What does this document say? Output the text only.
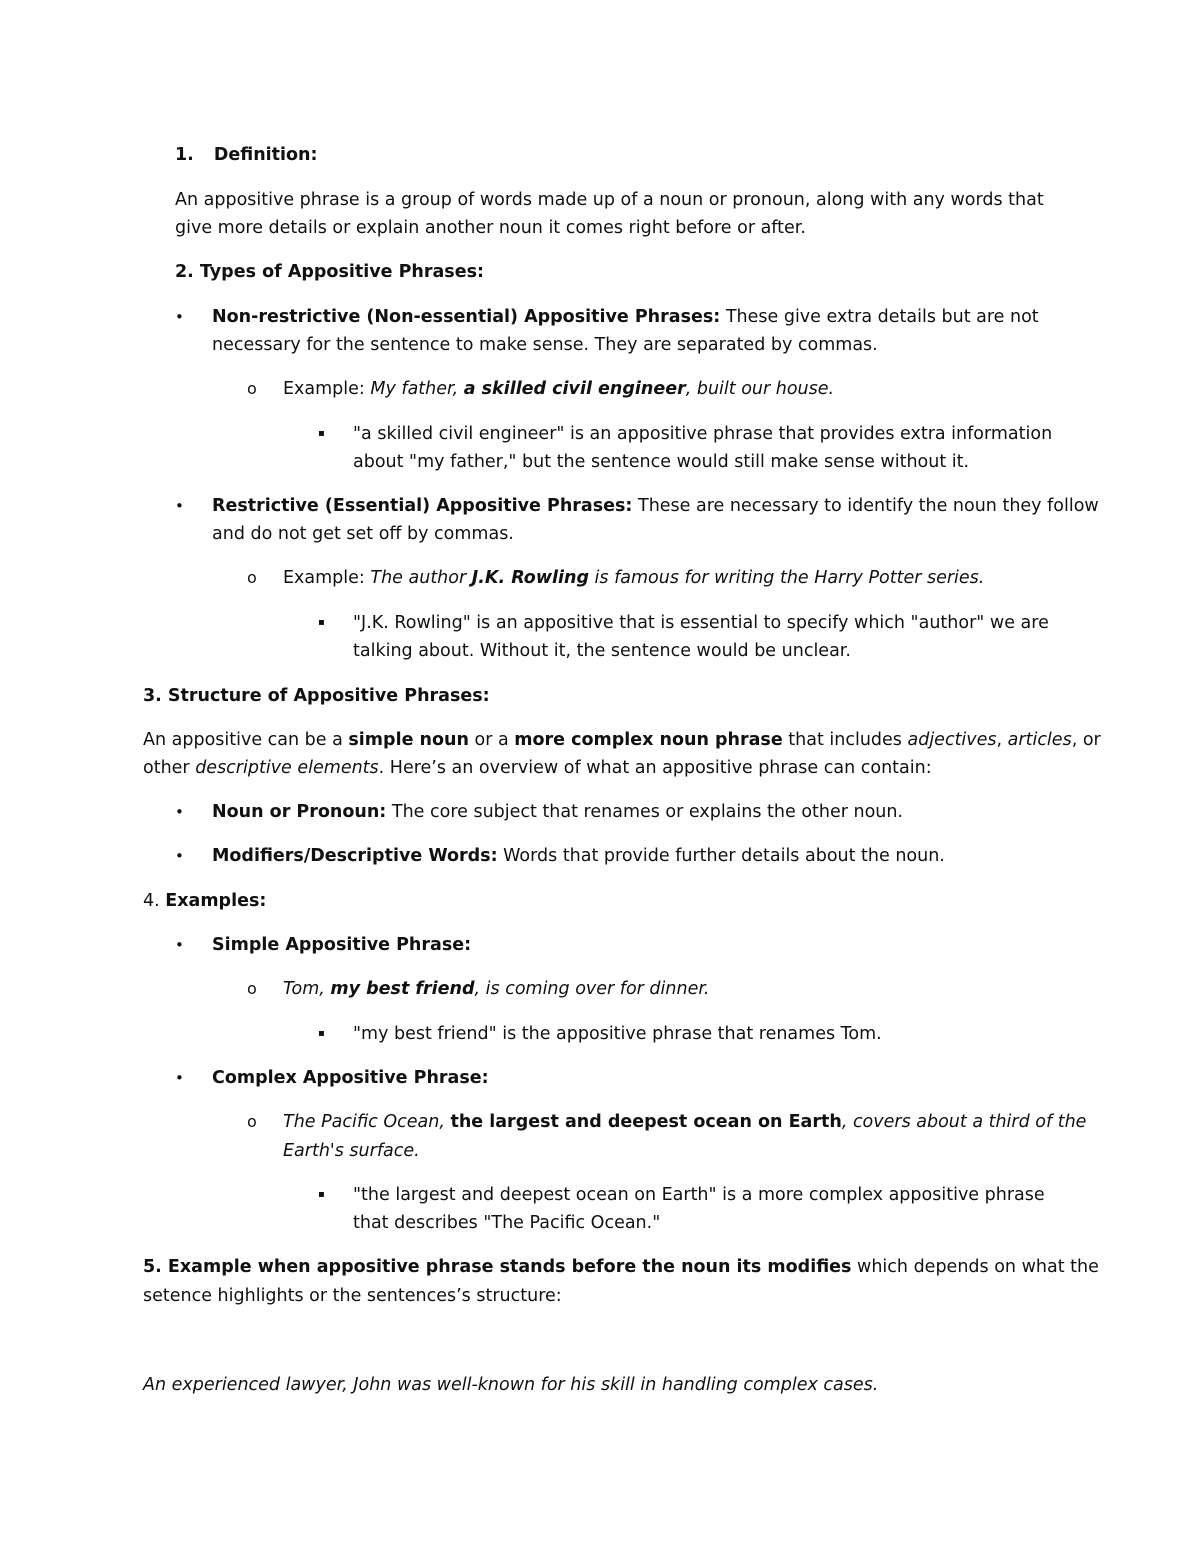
1. Definition:
An appositive phrase is a group of words made up of a noun or pronoun, along with any words that
give more details or explain another noun it comes right before or after.
2. Types of Appositive Phrases:
• Non-restrictive (Non-essential) Appositive Phrases: These give extra details but are not
necessary for the sentence to make sense. They are separated by commas.
o Example: My father, a skilled civil engineer, built our house.
▪ "a skilled civil engineer" is an appositive phrase that provides extra information
about "my father," but the sentence would still make sense without it.
• Restrictive (Essential) Appositive Phrases: These are necessary to identify the noun they follow
and do not get set off by commas.
o Example: The author J.K. Rowling is famous for writing the Harry Potter series.
▪ "J.K. Rowling" is an appositive that is essential to specify which "author" we are
talking about. Without it, the sentence would be unclear.
3. Structure of Appositive Phrases:
An appositive can be a simple noun or a more complex noun phrase that includes adjectives, articles, or
other descriptive elements. Here’s an overview of what an appositive phrase can contain:
• Noun or Pronoun: The core subject that renames or explains the other noun.
• Modifiers/Descriptive Words: Words that provide further details about the noun.
4. Examples:
• Simple Appositive Phrase:
o Tom, my best friend, is coming over for dinner.
▪ "my best friend" is the appositive phrase that renames Tom.
• Complex Appositive Phrase:
o The Pacific Ocean, the largest and deepest ocean on Earth, covers about a third of the
Earth's surface.
▪ "the largest and deepest ocean on Earth" is a more complex appositive phrase
that describes "The Pacific Ocean."
5. Example when appositive phrase stands before the noun its modifies which depends on what the
setence highlights or the sentences’s structure:
An experienced lawyer, John was well-known for his skill in handling complex cases.
